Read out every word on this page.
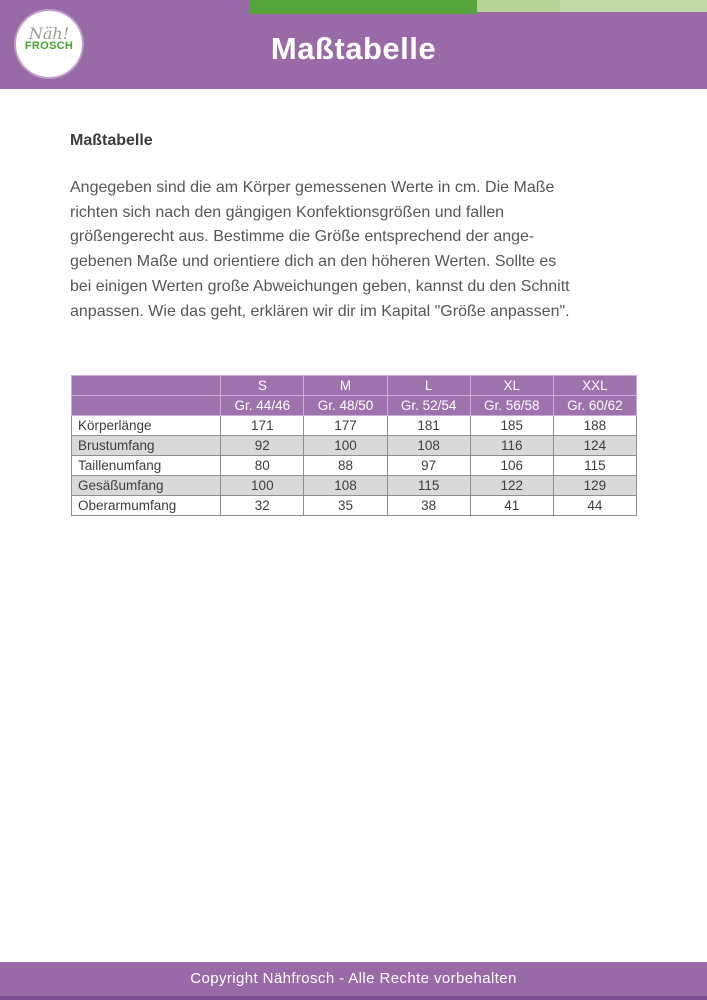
Maßtabelle
Näh!
FROSCH
Maßtabelle
Angegeben sind die am Körper gemessenen Werte in cm. Die Maße
richten sich nach den gängigen Konfektionsgrößen und fallen
größengerecht aus. Bestimme die Größe entsprechend der ange-
gebenen Maße und orientiere dich an den höheren Werten. Sollte es
bei einigen Werten große Abweichungen geben, kannst du den Schnitt
anpassen. Wie das geht, erklären wir dir im Kapital "Größe anpassen".
	S	M	L	XL	XXL
	Gr. 44/46	Gr. 48/50	Gr. 52/54	Gr. 56/58	Gr. 60/62
Körperlänge	171	177	181	185	188
Brustumfang	92	100	108	116	124
Taillenumfang	80	88	97	106	115
Gesäßumfang	100	108	115	122	129
Oberarmumfang	32	35	38	41	44
Copyright Nähfrosch - Alle Rechte vorbehalten
